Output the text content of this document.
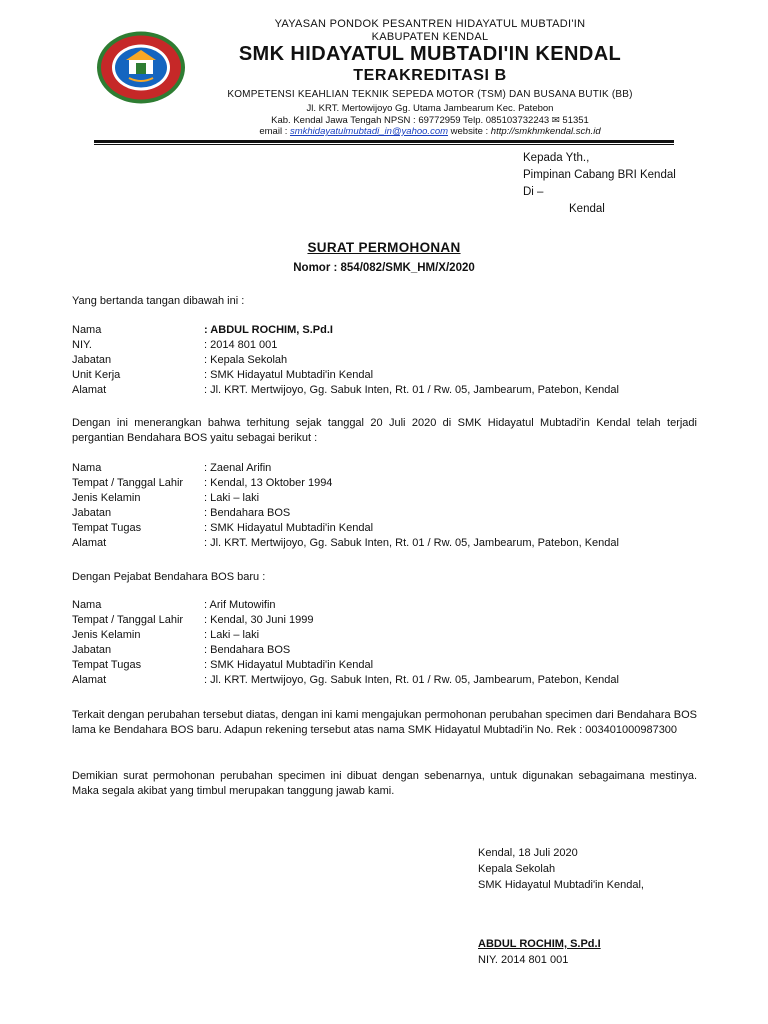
YAYASAN PONDOK PESANTREN HIDAYATUL MUBTADI'IN
KABUPATEN KENDAL
SMK HIDAYATUL MUBTADI'IN KENDAL
TERAKREDITASI B
KOMPETENSI KEAHLIAN TEKNIK SEPEDA MOTOR (TSM) DAN BUSANA BUTIK (BB)
Jl. KRT. Mertowijoyo Gg. Utama Jambearum Kec. Patebon
Kab. Kendal Jawa Tengah NPSN : 69772959 Telp. 085103732243 ✉ 51351
email : smkhidayatulmubtadi_in@yahoo.com website : http://smkhmkendal.sch.id
Kepada Yth.,
Pimpinan Cabang BRI Kendal
Di –
Kendal
SURAT PERMOHONAN
Nomor : 854/082/SMK_HM/X/2020
Yang bertanda tangan dibawah ini :
Nama	: ABDUL ROCHIM, S.Pd.I
NIY.	: 2014 801 001
Jabatan	: Kepala Sekolah
Unit Kerja	: SMK Hidayatul Mubtadi'in Kendal
Alamat	: Jl. KRT. Mertwijoyo, Gg. Sabuk Inten, Rt. 01 / Rw. 05, Jambearum, Patebon, Kendal
Dengan ini menerangkan bahwa terhitung sejak tanggal 20 Juli 2020 di SMK Hidayatul Mubtadi'in Kendal telah terjadi pergantian Bendahara BOS yaitu sebagai berikut :
Nama	: Zaenal Arifin
Tempat / Tanggal Lahir	: Kendal, 13 Oktober 1994
Jenis Kelamin	: Laki – laki
Jabatan	: Bendahara BOS
Tempat Tugas	: SMK Hidayatul Mubtadi'in Kendal
Alamat	: Jl. KRT. Mertwijoyo, Gg. Sabuk Inten, Rt. 01 / Rw. 05, Jambearum, Patebon, Kendal
Dengan Pejabat Bendahara BOS baru :
Nama	: Arif Mutowifin
Tempat / Tanggal Lahir	: Kendal, 30 Juni 1999
Jenis Kelamin	: Laki – laki
Jabatan	: Bendahara BOS
Tempat Tugas	: SMK Hidayatul Mubtadi'in Kendal
Alamat	: Jl. KRT. Mertwijoyo, Gg. Sabuk Inten, Rt. 01 / Rw. 05, Jambearum, Patebon, Kendal
Terkait dengan perubahan tersebut diatas, dengan ini kami mengajukan permohonan perubahan specimen dari Bendahara BOS lama ke Bendahara BOS baru. Adapun rekening tersebut atas nama SMK Hidayatul Mubtadi'in No. Rek : 003401000987300
Demikian surat permohonan perubahan specimen ini dibuat dengan sebenarnya, untuk digunakan sebagaimana mestinya. Maka segala akibat yang timbul merupakan tanggung jawab kami.
Kendal, 18 Juli 2020
Kepala Sekolah
SMK Hidayatul Mubtadi'in Kendal,
ABDUL ROCHIM, S.Pd.I
NIY. 2014 801 001
